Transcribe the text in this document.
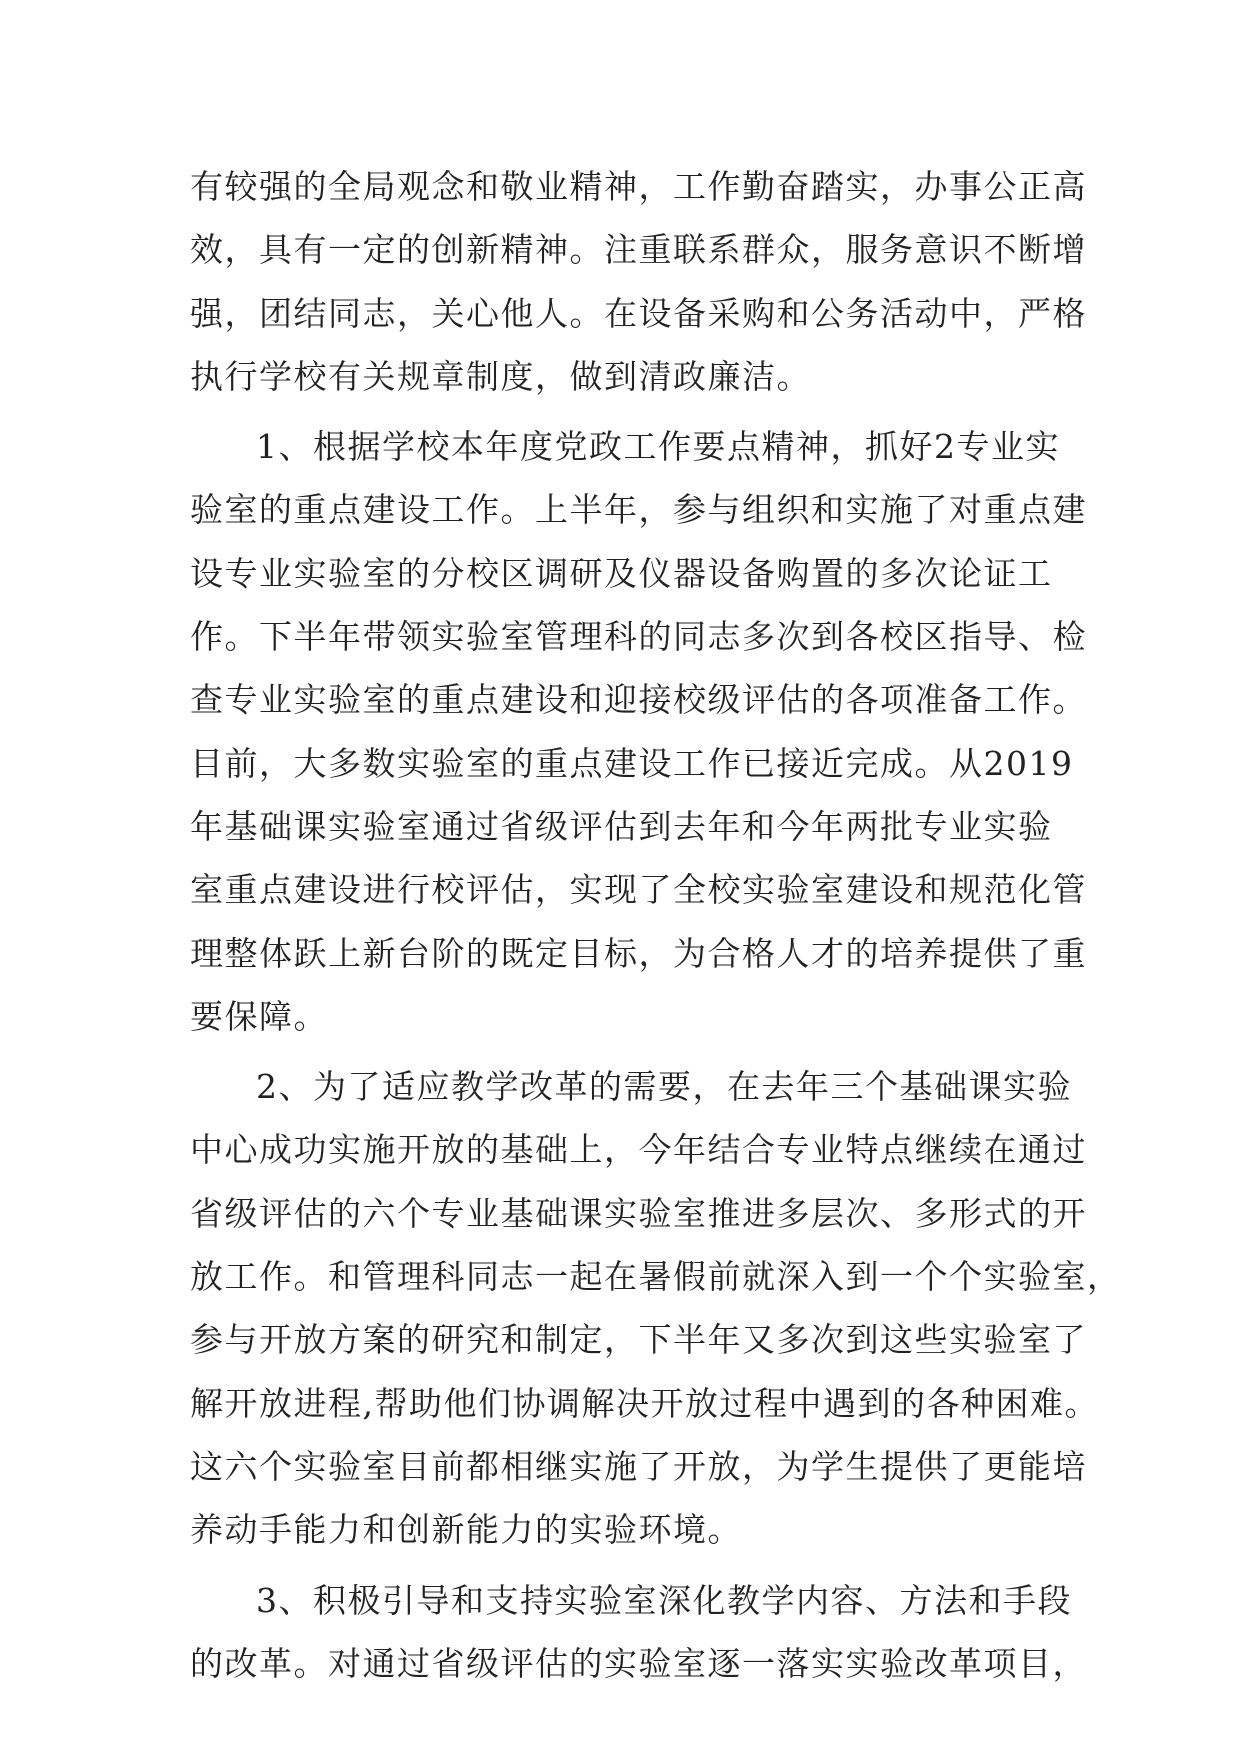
有较强的全局观念和敬业精神，工作勤奋踏实，办事公正高
效，具有一定的创新精神。注重联系群众，服务意识不断增
强，团结同志，关心他人。在设备采购和公务活动中，严格
执行学校有关规章制度，做到清政廉洁。
1、根据学校本年度党政工作要点精神，抓好2专业实
验室的重点建设工作。上半年，参与组织和实施了对重点建
设专业实验室的分校区调研及仪器设备购置的多次论证工
作。下半年带领实验室管理科的同志多次到各校区指导、检
查专业实验室的重点建设和迎接校级评估的各项准备工作。
目前，大多数实验室的重点建设工作已接近完成。从2019
年基础课实验室通过省级评估到去年和今年两批专业实验
室重点建设进行校评估，实现了全校实验室建设和规范化管
理整体跃上新台阶的既定目标，为合格人才的培养提供了重
要保障。
2、为了适应教学改革的需要，在去年三个基础课实验
中心成功实施开放的基础上，今年结合专业特点继续在通过
省级评估的六个专业基础课实验室推进多层次、多形式的开
放工作。和管理科同志一起在暑假前就深入到一个个实验室，
参与开放方案的研究和制定，下半年又多次到这些实验室了
解开放进程,帮助他们协调解决开放过程中遇到的各种困难。
这六个实验室目前都相继实施了开放，为学生提供了更能培
养动手能力和创新能力的实验环境。
3、积极引导和支持实验室深化教学内容、方法和手段
的改革。对通过省级评估的实验室逐一落实实验改革项目，
